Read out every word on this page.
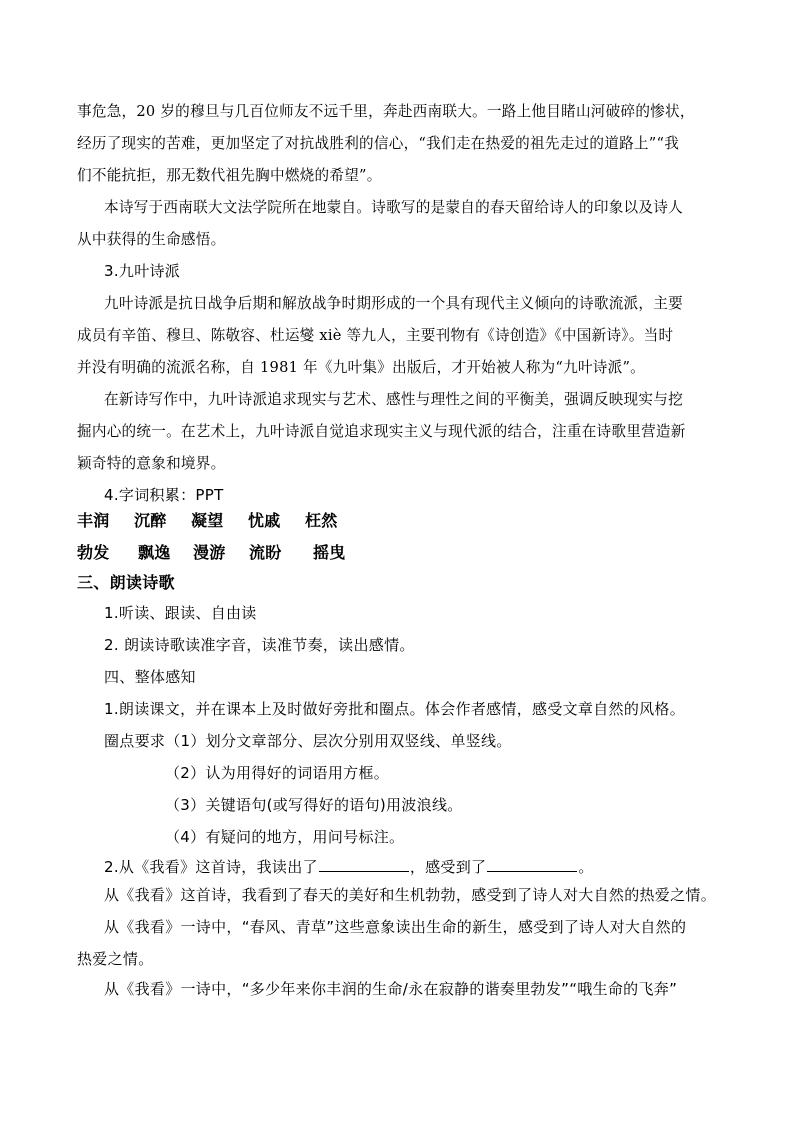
事危急，20 岁的穆旦与几百位师友不远千里，奔赴西南联大。一路上他目睹山河破碎的惨状，
经历了现实的苦难，更加坚定了对抗战胜利的信心，“我们走在热爱的祖先走过的道路上”“我
们不能抗拒，那无数代祖先胸中燃烧的希望”。
本诗写于西南联大文法学院所在地蒙自。诗歌写的是蒙自的春天留给诗人的印象以及诗人
从中获得的生命感悟。
3.九叶诗派
九叶诗派是抗日战争后期和解放战争时期形成的一个具有现代主义倾向的诗歌流派，主要
成员有辛笛、穆旦、陈敬容、杜运燮 xiè 等九人，主要刊物有《诗创造》《中国新诗》。当时
并没有明确的流派名称，自 1981 年《九叶集》出版后，才开始被人称为“九叶诗派”。
在新诗写作中，九叶诗派追求现实与艺术、感性与理性之间的平衡美，强调反映现实与挖
掘内心的统一。在艺术上，九叶诗派自觉追求现实主义与现代派的结合，注重在诗歌里营造新
颖奇特的意象和境界。
4.字词积累：PPT
丰润 沉醉 凝望 忧戚 枉然
勃发 飘逸 漫游 流盼 摇曳
三、朗读诗歌
1.听读、跟读、自由读
2. 朗读诗歌读准字音，读准节奏，读出感情。
四、整体感知
1.朗读课文，并在课本上及时做好旁批和圈点。体会作者感情，感受文章自然的风格。
圈点要求（1）划分文章部分、层次分别用双竖线、单竖线。
（2）认为用得好的词语用方框。
（3）关键语句(或写得好的语句)用波浪线。
（4）有疑问的地方，用问号标注。
2.从《我看》这首诗，我读出了	，感受到了	。
从《我看》这首诗，我看到了春天的美好和生机勃勃，感受到了诗人对大自然的热爱之情。
从《我看》一诗中，“春风、青草”这些意象读出生命的新生，感受到了诗人对大自然的
热爱之情。
从《我看》一诗中，“多少年来你丰润的生命/永在寂静的谐奏里勃发”“哦生命的飞奔”
